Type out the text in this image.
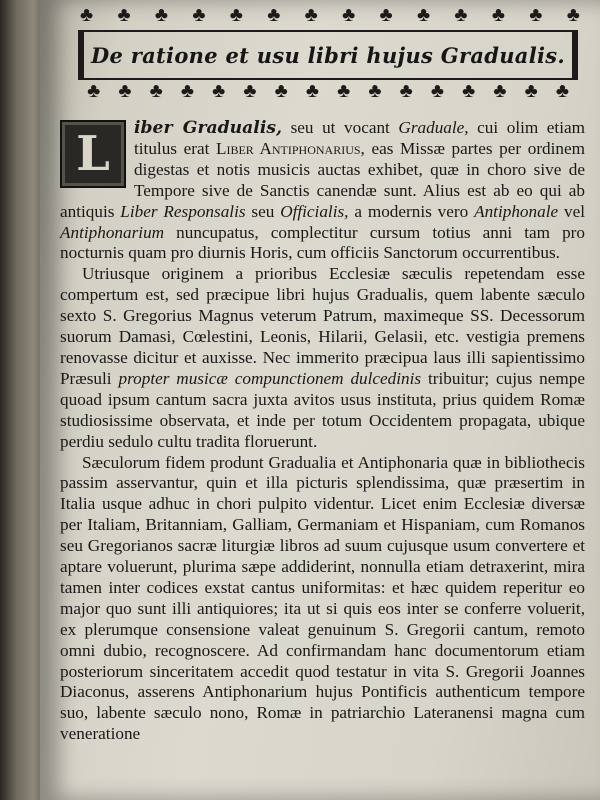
♣ ♣ ♣ ♣ ♣ ♣ ♣ ♣ ♣ ♣ ♣ ♣ ♣ ♣
De ratione et usu libri hujus Gradualis.
♣ ♣ ♣ ♣ ♣ ♣ ♣ ♣ ♣ ♣ ♣ ♣ ♣ ♣ ♣ ♣

L	iber Gradualis, seu ut vocant Graduale, cui olim etiam titulus erat Liber Antiphonarius, eas Missæ partes per ordinem digestas et notis musicis auctas exhibet, quæ in choro sive de Tempore sive de Sanctis canendæ sunt. Alius est ab eo qui ab antiquis Liber Responsalis seu Officialis, a modernis vero Antiphonale vel Antiphonarium nuncupatus, complectitur cursum totius anni tam pro nocturnis quam pro diurnis Horis, cum officiis Sanctorum occurrentibus.

Utriusque originem a prioribus Ecclesiæ sæculis repetendam esse compertum est, sed præcipue libri hujus Gradualis, quem labente sæculo sexto S. Gregorius Magnus veterum Patrum, maximeque SS. Decessorum suorum Damasi, Cœlestini, Leonis, Hilarii, Gelasii, etc. vestigia premens renovasse dicitur et auxisse. Nec immerito præcipua laus illi sapientissimo Præsuli propter musicæ compunctionem dulcedinis tribuitur; cujus nempe quoad ipsum cantum sacra juxta avitos usus instituta, prius quidem Romæ studiosissime observata, et inde per totum Occidentem propagata, ubique perdiu sedulo cultu tradita floruerunt.

Sæculorum fidem produnt Gradualia et Antiphonaria quæ in bibliothecis passim asservantur, quin et illa picturis splendissima, quæ præsertim in Italia usque adhuc in chori pulpito videntur. Licet enim Ecclesiæ diversæ per Italiam, Britanniam, Galliam, Germaniam et Hispaniam, cum Romanos seu Gregorianos sacræ liturgiæ libros ad suum cujusque usum convertere et aptare voluerunt, plurima sæpe addiderint, nonnulla etiam detraxerint, mira tamen inter codices exstat cantus uniformitas: et hæc quidem reperitur eo major quo sunt illi antiquiores; ita ut si quis eos inter se conferre voluerit, ex plerumque consensione valeat genuinum S. Gregorii cantum, remoto omni dubio, recognoscere. Ad confirmandam hanc documentorum etiam posteriorum sinceritatem accedit quod testatur in vita S. Gregorii Joannes Diaconus, asserens Antiphonarium hujus Pontificis authenticum tempore suo, labente sæculo nono, Romæ in patriarchio Lateranensi magna cum veneratione
